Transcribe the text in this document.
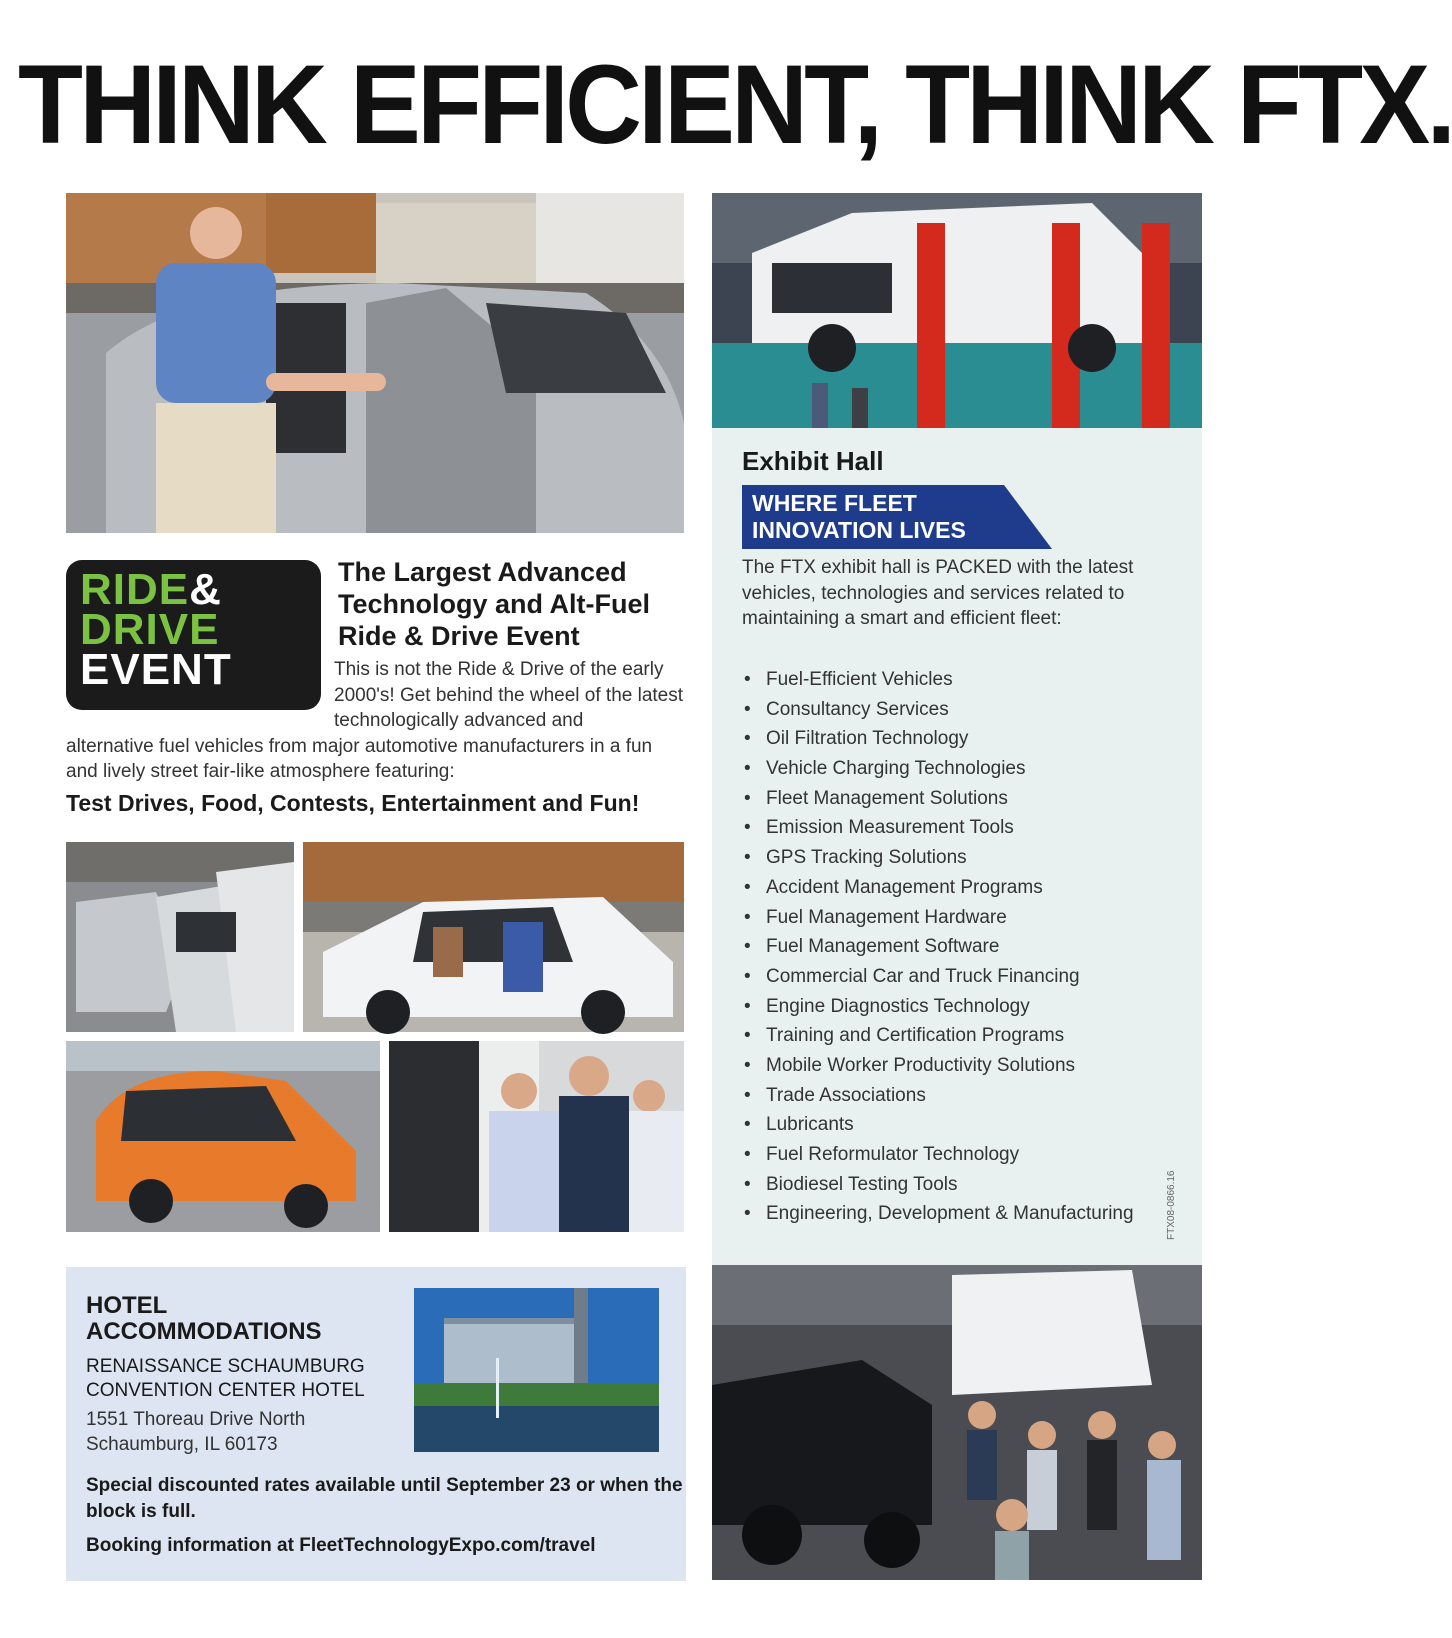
THINK EFFICIENT, THINK FTX.
RIDE&
DRIVE
EVENT
The Largest Advanced Technology and Alt-Fuel Ride & Drive Event
This is not the Ride & Drive of the early 2000's! Get behind the wheel of the latest technologically advanced and
alternative fuel vehicles from major automotive manufacturers in a fun and lively street fair-like atmosphere featuring:
Test Drives, Food, Contests, Entertainment and Fun!
Exhibit Hall
WHERE FLEET INNOVATION LIVES
The FTX exhibit hall is PACKED with the latest vehicles, technologies and services related to maintaining a smart and efficient fleet:
• Fuel-Efficient Vehicles
• Consultancy Services
• Oil Filtration Technology
• Vehicle Charging Technologies
• Fleet Management Solutions
• Emission Measurement Tools
• GPS Tracking Solutions
• Accident Management Programs
• Fuel Management Hardware
• Fuel Management Software
• Commercial Car and Truck Financing
• Engine Diagnostics Technology
• Training and Certification Programs
• Mobile Worker Productivity Solutions
• Trade Associations
• Lubricants
• Fuel Reformulator Technology
• Biodiesel Testing Tools
• Engineering, Development & Manufacturing	FTX08-0866.16
HOTEL ACCOMMODATIONS
RENAISSANCE SCHAUMBURG CONVENTION CENTER HOTEL
1551 Thoreau Drive North
Schaumburg, IL 60173
Special discounted rates available until September 23 or when the block is full.
Booking information at FleetTechnologyExpo.com/travel
